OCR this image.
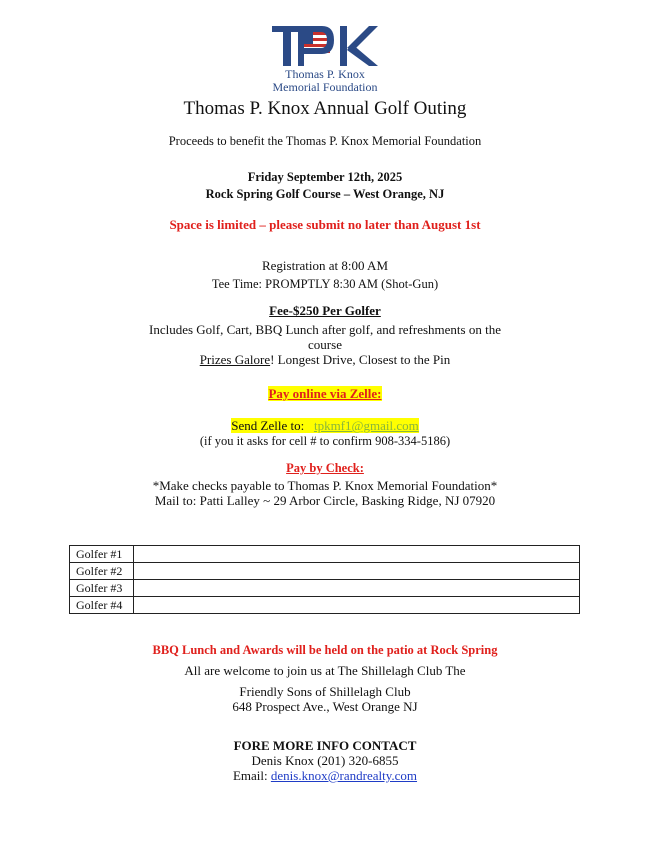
Thomas P. Knox
Memorial Foundation
Thomas P. Knox Annual Golf Outing
Proceeds to benefit the Thomas P. Knox Memorial Foundation
Friday September 12th, 2025
Rock Spring Golf Course – West Orange, NJ
Space is limited – please submit no later than August 1st
Registration at 8:00 AM
Tee Time: PROMPTLY 8:30 AM (Shot-Gun)
Fee-$250 Per Golfer
Includes Golf, Cart, BBQ Lunch after golf, and refreshments on the
course
Prizes Galore! Longest Drive, Closest to the Pin
Pay online via Zelle:
Send Zelle to: tpkmf1@gmail.com
(if you it asks for cell # to confirm 908-334-5186)
Pay by Check:
*Make checks payable to Thomas P. Knox Memorial Foundation*
Mail to: Patti Lalley ~ 29 Arbor Circle, Basking Ridge, NJ 07920
Golfer #1	
Golfer #2	
Golfer #3	
Golfer #4	
BBQ Lunch and Awards will be held on the patio at Rock Spring
All are welcome to join us at The Shillelagh Club The
Friendly Sons of Shillelagh Club
648 Prospect Ave., West Orange NJ
FORE MORE INFO CONTACT
Denis Knox (201) 320-6855
Email: denis.knox@randrealty.com
